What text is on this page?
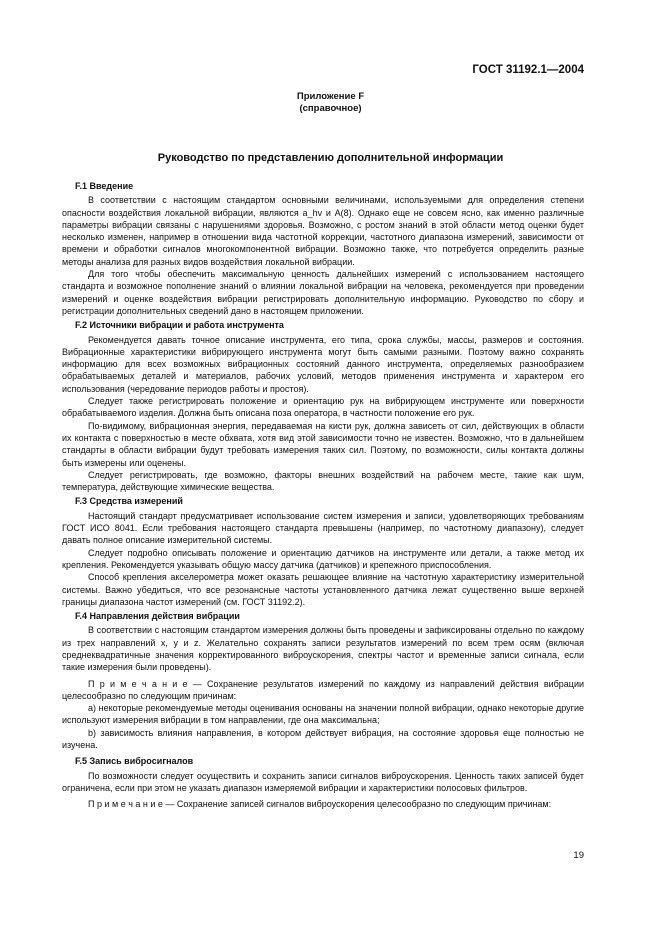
ГОСТ 31192.1—2004
Приложение F
(справочное)
Руководство по представлению дополнительной информации
F.1 Введение

В соответствии с настоящим стандартом основными величинами, используемыми для определения степени опасности воздействия локальной вибрации, являются a_hv и A(8). Однако еще не совсем ясно, как именно различные параметры вибрации связаны с нарушениями здоровья. Возможно, с ростом знаний в этой области метод оценки будет несколько изменен, например в отношении вида частотной коррекции, частотного диапазона измерений, зависимости от времени и обработки сигналов многокомпонентной вибрации. Возможно также, что потребуется определить разные методы анализа для разных видов воздействия локальной вибрации.

Для того чтобы обеспечить максимальную ценность дальнейших измерений с использованием настоящего стандарта и возможное пополнение знаний о влиянии локальной вибрации на человека, рекомендуется при проведении измерений и оценке воздействия вибрации регистрировать дополнительную информацию. Руководство по сбору и регистрации дополнительных сведений дано в настоящем приложении.

F.2 Источники вибрации и работа инструмента

Рекомендуется давать точное описание инструмента, его типа, срока службы, массы, размеров и состояния. Вибрационные характеристики вибрирующего инструмента могут быть самыми разными. Поэтому важно сохранять информацию для всех возможных вибрационных состояний данного инструмента, определяемых разнообразием обрабатываемых деталей и материалов, рабочих условий, методов применения инструмента и характером его использования (чередование периодов работы и простоя).

Следует также регистрировать положение и ориентацию рук на вибрирующем инструменте или поверхности обрабатываемого изделия. Должна быть описана поза оператора, в частности положение его рук.

По-видимому, вибрационная энергия, передаваемая на кисти рук, должна зависеть от сил, действующих в области их контакта с поверхностью в месте обхвата, хотя вид этой зависимости точно не известен. Возможно, что в дальнейшем стандарты в области вибрации будут требовать измерения таких сил. Поэтому, по возможности, силы контакта должны быть измерены или оценены.

Следует регистрировать, где возможно, факторы внешних воздействий на рабочем месте, такие как шум, температура, действующие химические вещества.

F.3 Средства измерений

Настоящий стандарт предусматривает использование систем измерения и записи, удовлетворяющих требованиям ГОСТ ИСО 8041. Если требования настоящего стандарта превышены (например, по частотному диапазону), следует давать полное описание измерительной системы.

Следует подробно описывать положение и ориентацию датчиков на инструменте или детали, а также метод их крепления. Рекомендуется указывать общую массу датчика (датчиков) и крепежного приспособления.

Способ крепления акселерометра может оказать решающее влияние на частотную характеристику измерительной системы. Важно убедиться, что все резонансные частоты установленного датчика лежат существенно выше верхней границы диапазона частот измерений (см. ГОСТ 31192.2).

F.4 Направления действия вибрации

В соответствии с настоящим стандартом измерения должны быть проведены и зафиксированы отдельно по каждому из трех направлений x, y и z. Желательно сохранять записи результатов измерений по всем трем осям (включая среднеквадратичные значения корректированного виброускорения, спектры частот и временные записи сигнала, если такие измерения были проведены).

П р и м е ч а н и е — Сохранение результатов измерений по каждому из направлений действия вибрации целесообразно по следующим причинам:

a) некоторые рекомендуемые методы оценивания основаны на значении полной вибрации, однако некоторые другие используют измерения вибрации в том направлении, где она максимальна;

b) зависимость влияния направления, в котором действует вибрация, на состояние здоровья еще полностью не изучена.

F.5 Запись виброcигналов

По возможности следует осуществить и сохранить записи сигналов виброускорения. Ценность таких записей будет ограничена, если при этом не указать диапазон измеряемой вибрации и характеристики полосовых фильтров.

П р и м е ч а н и е — Сохранение записей сигналов виброускорения целесообразно по следующим причинам:

19
